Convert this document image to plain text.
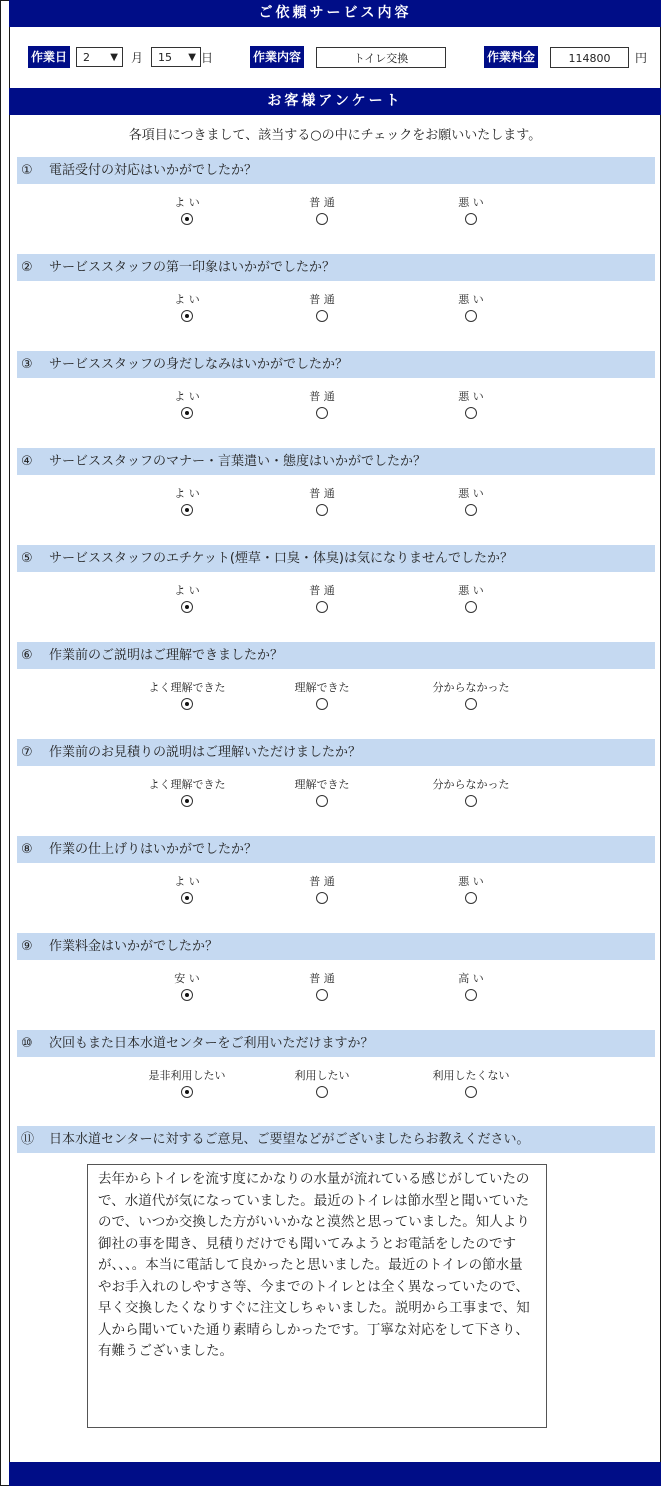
ご依頼サービス内容
作業日	2 ▼ 月	15 ▼ 日	作業内容	トイレ交換	作業料金	114800	円
お客様アンケート
各項目につきまして、該当する○の中にチェックをお願いいたします。
① 電話受付の対応はいかがでしたか？
よ い	普 通	悪 い
② サービススタッフの第一印象はいかがでしたか？
よ い	普 通	悪 い
③ サービススタッフの身だしなみはいかがでしたか？
よ い	普 通	悪 い
④ サービススタッフのマナー・言葉遣い・態度はいかがでしたか？
よ い	普 通	悪 い
⑤ サービススタッフのエチケット(煙草・口臭・体臭)は気になりませんでしたか？
よ い	普 通	悪 い
⑥ 作業前のご説明はご理解できましたか？
よく理解できた	理解できた	分からなかった
⑦ 作業前のお見積りの説明はご理解いただけましたか？
よく理解できた	理解できた	分からなかった
⑧ 作業の仕上げりはいかがでしたか？
よ い	普 通	悪 い
⑨ 作業料金はいかがでしたか？
安 い	普 通	高 い
⑩ 次回もまた日本水道センターをご利用いただけますか？
是非利用したい	利用したい	利用したくない
⑪ 日本水道センターに対するご意見、ご要望などがございましたらお教えください。
去年からトイレを流す度にかなりの水量が流れている感じがしていたので、水道代が気になっていました。最近のトイレは節水型と聞いていたので、いつか交換した方がいいかなと漠然と思っていました。知人より御社の事を聞き、見積りだけでも聞いてみようとお電話をしたのですが、、、。本当に電話して良かったと思いました。最近のトイレの節水量やお手入れのしやすさ等、今までのトイレとは全く異なっていたので、早く交換したくなりすぐに注文しちゃいました。説明から工事まで、知人から聞いていた通り素晴らしかったです。丁寧な対応をして下さり、有難うございました。
